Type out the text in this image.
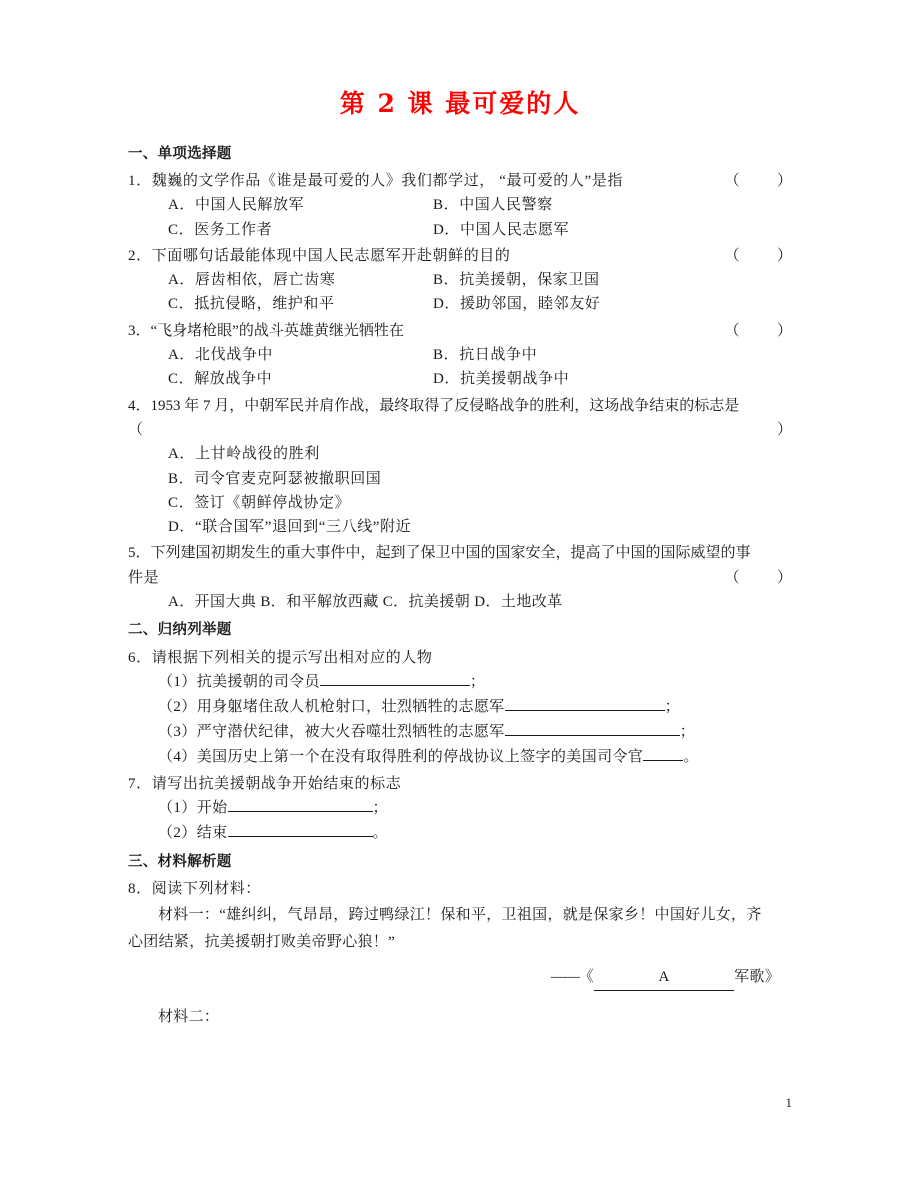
第 2 课 最可爱的人
一、单项选择题
1．魏巍的文学作品《谁是最可爱的人》我们都学过， “最可爱的人”是指	（          ）
A．中国人民解放军	B．中国人民警察
C．医务工作者	D．中国人民志愿军
2．下面哪句话最能体现中国人民志愿军开赴朝鲜的目的	（          ）
A．唇齿相依，唇亡齿寒	B．抗美援朝，保家卫国
C．抵抗侵略，维护和平	D．援助邻国，睦邻友好
3．“飞身堵枪眼”的战斗英雄黄继光牺牲在	（          ）
A．北伐战争中	B．抗日战争中
C．解放战争中	D．抗美援朝战争中
4．1953 年 7 月，中朝军民并肩作战，最终取得了反侵略战争的胜利，这场战争结束的标志是
（	）
A．上甘岭战役的胜利
B．司令官麦克阿瑟被撤职回国
C．签订《朝鲜停战协定》
D．“联合国军”退回到“三八线”附近
5．下列建国初期发生的重大事件中，起到了保卫中国的国家安全，提高了中国的国际威望的事
件是	（          ）
A．开国大典 B．和平解放西藏 C．抗美援朝 D．土地改革
二、归纳列举题
6．请根据下列相关的提示写出相对应的人物
（1）抗美援朝的司令员	；
（2）用身躯堵住敌人机枪射口，壮烈牺牲的志愿军	；
（3）严守潜伏纪律，被大火吞噬壮烈牺牲的志愿军	；
（4）美国历史上第一个在没有取得胜利的停战协议上签字的美国司令官	。
7．请写出抗美援朝战争开始结束的标志
（1）开始	；
（2）结束	。
三、材料解析题
8．阅读下列材料：
材料一：“雄纠纠，气昂昂，跨过鸭绿江！保和平，卫祖国，就是保家乡！中国好儿女，齐
心团结紧，抗美援朝打败美帝野心狼！”
——《	A	军歌》
材料二：
1
